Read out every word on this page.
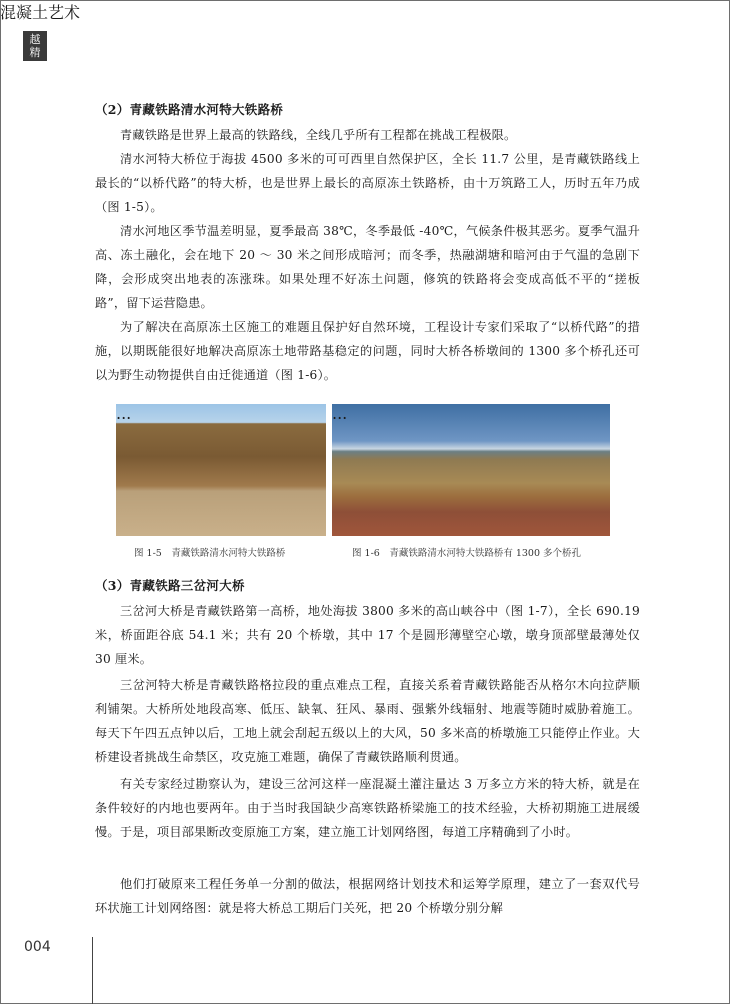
越
精
混凝土艺术
（2）青藏铁路清水河特大铁路桥
青藏铁路是世界上最高的铁路线，全线几乎所有工程都在挑战工程极限。
清水河特大桥位于海拔 4500 多米的可可西里自然保护区，全长 11.7 公里，是青藏铁路线上最长的“以桥代路”的特大桥，也是世界上最长的高原冻土铁路桥，由十万筑路工人，历时五年乃成（图 1-5）。
清水河地区季节温差明显，夏季最高 38℃，冬季最低 -40℃，气候条件极其恶劣。夏季气温升高、冻土融化，会在地下 20 ～ 30 米之间形成暗河；而冬季，热融湖塘和暗河由于气温的急剧下降，会形成突出地表的冻涨珠。如果处理不好冻土问题，修筑的铁路将会变成高低不平的“搓板路”，留下运营隐患。
为了解决在高原冻土区施工的难题且保护好自然环境，工程设计专家们采取了“以桥代路”的措施，以期既能很好地解决高原冻土地带路基稳定的问题，同时大桥各桥墩间的 1300 多个桥孔还可以为野生动物提供自由迁徙通道（图 1-6）。
...	...
图 1-5　青藏铁路清水河特大铁路桥	图 1-6　青藏铁路清水河特大铁路桥有 1300 多个桥孔
（3）青藏铁路三岔河大桥
三岔河大桥是青藏铁路第一高桥，地处海拔 3800 多米的高山峡谷中（图 1-7），全长 690.19 米，桥面距谷底 54.1 米；共有 20 个桥墩，其中 17 个是圆形薄壁空心墩，墩身顶部壁最薄处仅 30 厘米。
三岔河特大桥是青藏铁路格拉段的重点难点工程，直接关系着青藏铁路能否从格尔木向拉萨顺利铺架。大桥所处地段高寒、低压、缺氧、狂风、暴雨、强紫外线辐射、地震等随时威胁着施工。每天下午四五点钟以后，工地上就会刮起五级以上的大风，50 多米高的桥墩施工只能停止作业。大桥建设者挑战生命禁区，攻克施工难题，确保了青藏铁路顺利贯通。
有关专家经过勘察认为，建设三岔河这样一座混凝土灌注量达 3 万多立方米的特大桥，就是在条件较好的内地也要两年。由于当时我国缺少高寒铁路桥梁施工的技术经验，大桥初期施工进展缓慢。于是，项目部果断改变原施工方案，建立施工计划网络图，每道工序精确到了小时。
他们打破原来工程任务单一分割的做法，根据网络计划技术和运筹学原理，建立了一套双代号环状施工计划网络图：就是将大桥总工期后门关死，把 20 个桥墩分别分解
004
